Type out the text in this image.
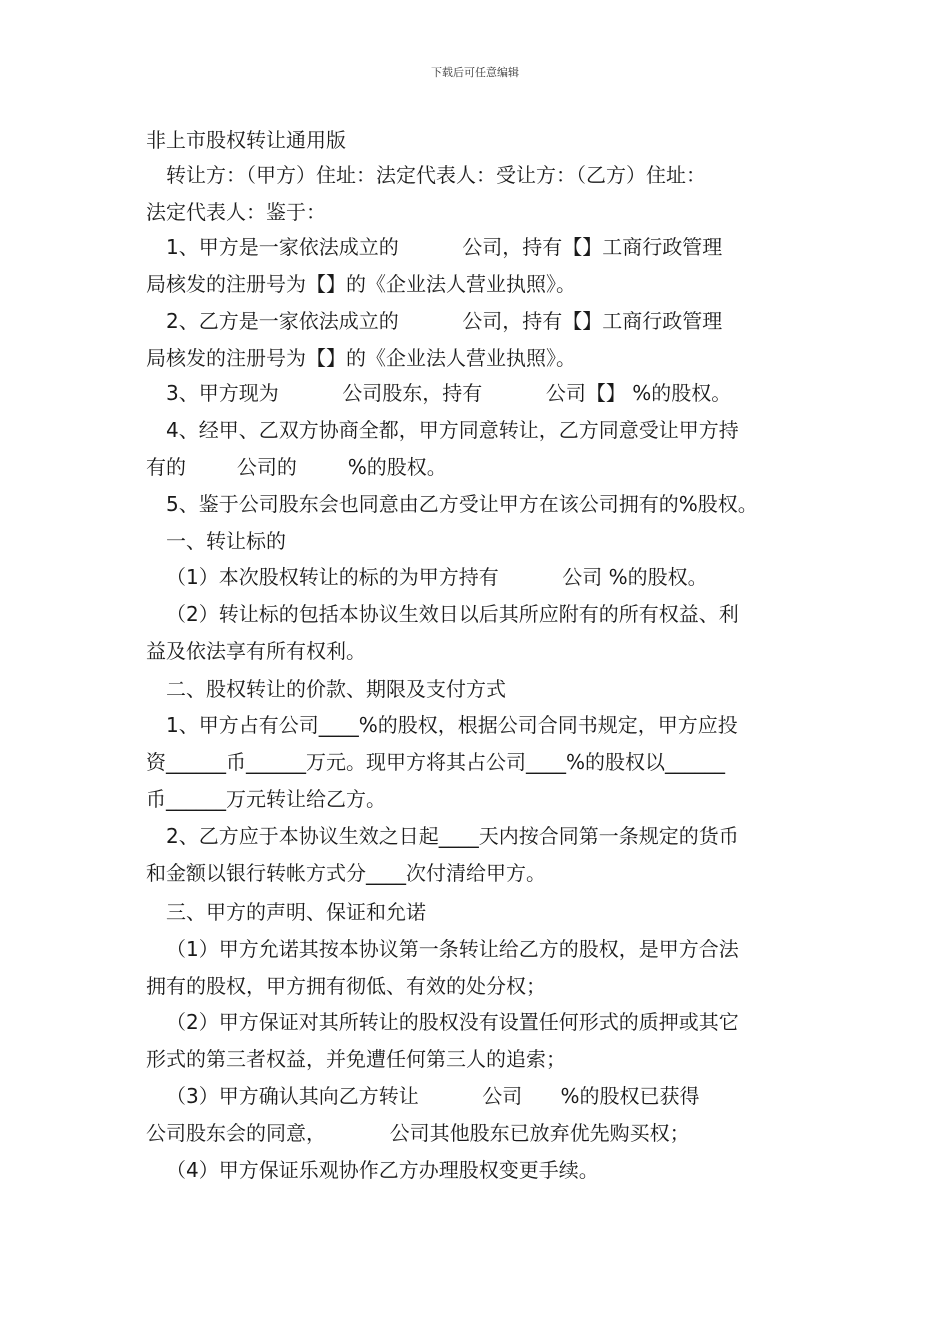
下载后可任意编辑
非上市股权转让通用版
转让方：（甲方）住址：法定代表人：受让方：（乙方）住址：
法定代表人：鉴于：
1、甲方是一家依法成立的          公司，持有【】工商行政管理
局核发的注册号为【】的《企业法人营业执照》。
2、乙方是一家依法成立的          公司，持有【】工商行政管理
局核发的注册号为【】的《企业法人营业执照》。
3、甲方现为          公司股东，持有          公司【】 %的股权。
4、经甲、乙双方协商全都，甲方同意转让，乙方同意受让甲方持
有的        公司的        %的股权。
5、鉴于公司股东会也同意由乙方受让甲方在该公司拥有的%股权。
一、转让标的
（1）本次股权转让的标的为甲方持有          公司 %的股权。
（2）转让标的包括本协议生效日以后其所应附有的所有权益、利
益及依法享有所有权利。
二、股权转让的价款、期限及支付方式
1、甲方占有公司____%的股权，根据公司合同书规定，甲方应投
资______币______万元。现甲方将其占公司____%的股权以______
币______万元转让给乙方。
2、乙方应于本协议生效之日起____天内按合同第一条规定的货币
和金额以银行转帐方式分____次付清给甲方。
三、甲方的声明、保证和允诺
（1）甲方允诺其按本协议第一条转让给乙方的股权，是甲方合法
拥有的股权，甲方拥有彻低、有效的处分权；
（2）甲方保证对其所转让的股权没有设置任何形式的质押或其它
形式的第三者权益，并免遭任何第三人的追索；
（3）甲方确认其向乙方转让          公司      %的股权已获得
公司股东会的同意，          公司其他股东已放弃优先购买权；
（4）甲方保证乐观协作乙方办理股权变更手续。
